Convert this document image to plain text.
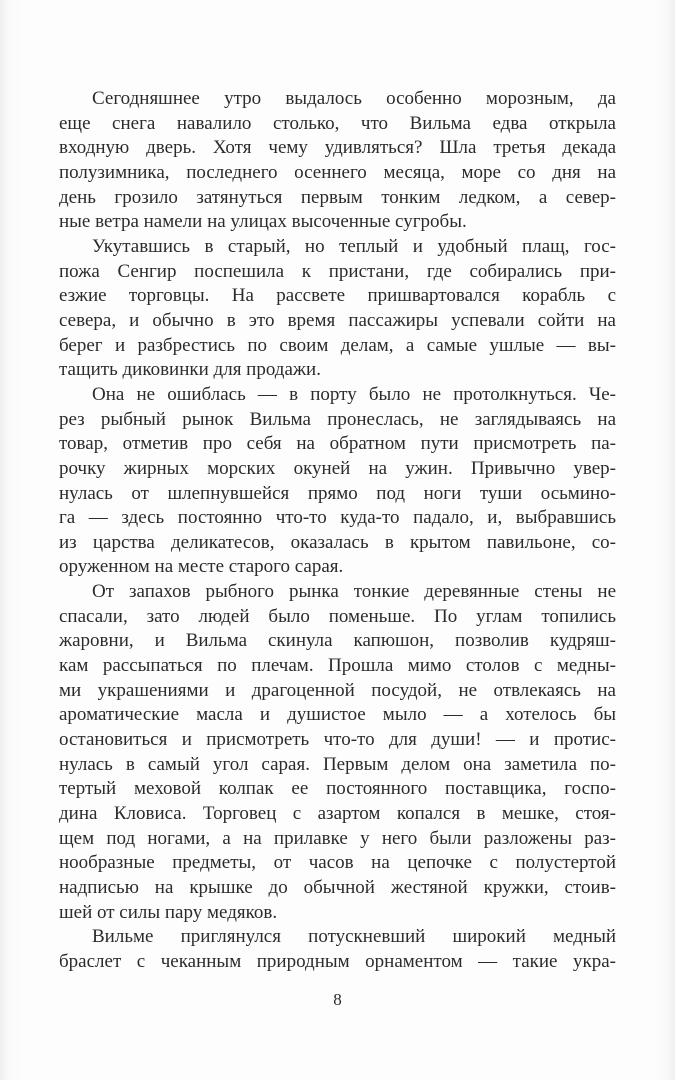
Сегодняшнее утро выдалось особенно морозным, да
еще снега навалило столько, что Вильма едва открыла
входную дверь. Хотя чему удивляться? Шла третья декада
полузимника, последнего осеннего месяца, море со дня на
день грозило затянуться первым тонким ледком, а север-
ные ветра намели на улицах высоченные сугробы.
Укутавшись в старый, но теплый и удобный плащ, гос-
пожа Сенгир поспешила к пристани, где собирались при-
езжие торговцы. На рассвете пришвартовался корабль с
севера, и обычно в это время пассажиры успевали сойти на
берег и разбрестись по своим делам, а самые ушлые — вы-
тащить диковинки для продажи.
Она не ошиблась — в порту было не протолкнуться. Че-
рез рыбный рынок Вильма пронеслась, не заглядываясь на
товар, отметив про себя на обратном пути присмотреть па-
рочку жирных морских окуней на ужин. Привычно увер-
нулась от шлепнувшейся прямо под ноги туши осьмино-
га — здесь постоянно что-то куда-то падало, и, выбравшись
из царства деликатесов, оказалась в крытом павильоне, со-
оруженном на месте старого сарая.
От запахов рыбного рынка тонкие деревянные стены не
спасали, зато людей было поменьше. По углам топились
жаровни, и Вильма скинула капюшон, позволив кудряш-
кам рассыпаться по плечам. Прошла мимо столов с медны-
ми украшениями и драгоценной посудой, не отвлекаясь на
ароматические масла и душистое мыло — а хотелось бы
остановиться и присмотреть что-то для души! — и протис-
нулась в самый угол сарая. Первым делом она заметила по-
тертый меховой колпак ее постоянного поставщика, госпо-
дина Кловиса. Торговец с азартом копался в мешке, стоя-
щем под ногами, а на прилавке у него были разложены раз-
нообразные предметы, от часов на цепочке с полустертой
надписью на крышке до обычной жестяной кружки, стоив-
шей от силы пару медяков.
Вильме приглянулся потускневший широкий медный
браслет с чеканным природным орнаментом — такие укра-
8
